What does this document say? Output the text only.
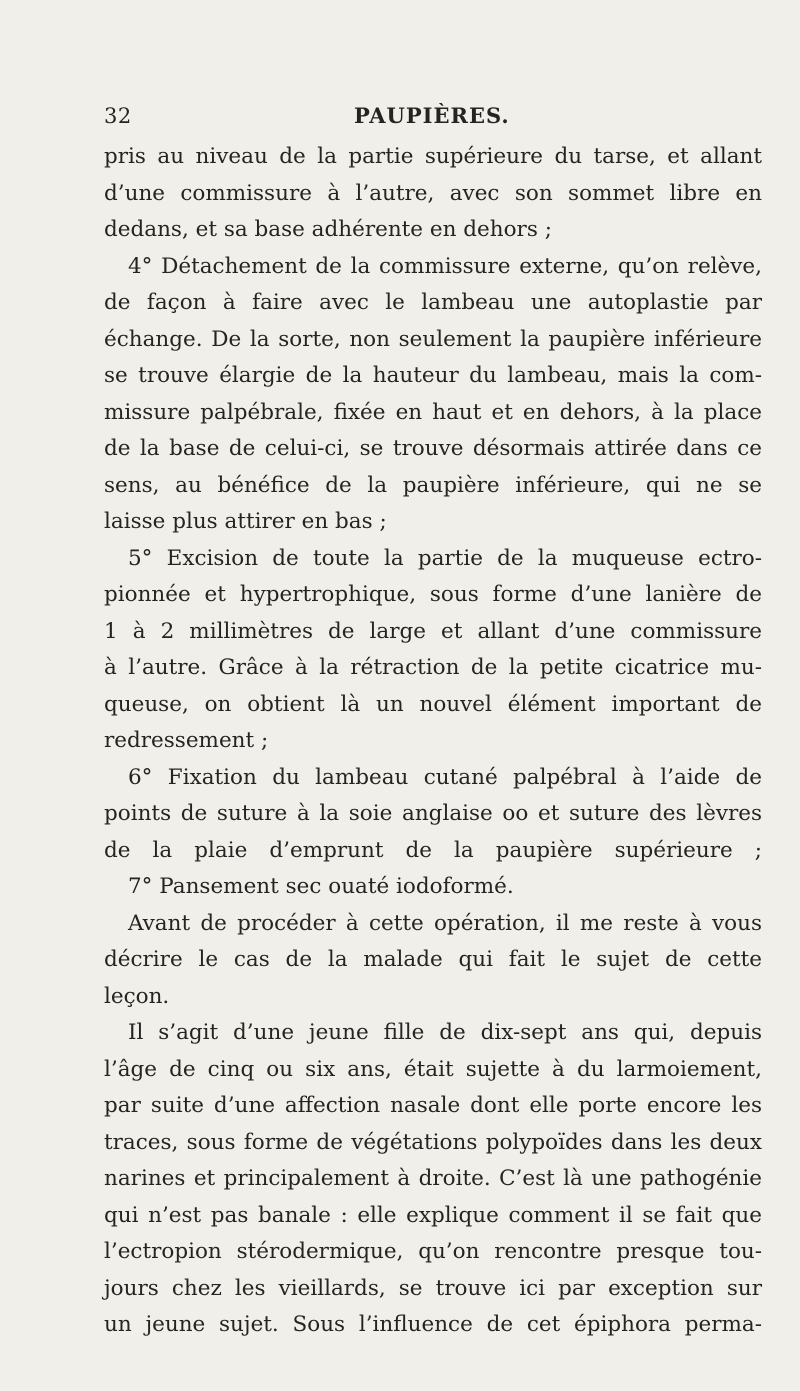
32	PAUPIÈRES.
pris au niveau de la partie supérieure du tarse, et allant
d’une commissure à l’autre, avec son sommet libre en
dedans, et sa base adhérente en dehors ;
4° Détachement de la commissure externe, qu’on relève,
de façon à faire avec le lambeau une autoplastie par
échange. De la sorte, non seulement la paupière inférieure
se trouve élargie de la hauteur du lambeau, mais la com-
missure palpébrale, fixée en haut et en dehors, à la place
de la base de celui-ci, se trouve désormais attirée dans ce
sens, au bénéfice de la paupière inférieure, qui ne se
laisse plus attirer en bas ;
5° Excision de toute la partie de la muqueuse ectro-
pionnée et hypertrophique, sous forme d’une lanière de
1 à 2 millimètres de large et allant d’une commissure
à l’autre. Grâce à la rétraction de la petite cicatrice mu-
queuse, on obtient là un nouvel élément important de
redressement ;
6° Fixation du lambeau cutané palpébral à l’aide de
points de suture à la soie anglaise oo et suture des lèvres
de la plaie d’emprunt de la paupière supérieure ;
7° Pansement sec ouaté iodoformé.
Avant de procéder à cette opération, il me reste à vous
décrire le cas de la malade qui fait le sujet de cette
leçon.
Il s’agit d’une jeune fille de dix-sept ans qui, depuis
l’âge de cinq ou six ans, était sujette à du larmoiement,
par suite d’une affection nasale dont elle porte encore les
traces, sous forme de végétations polypoïdes dans les deux
narines et principalement à droite. C’est là une pathogénie
qui n’est pas banale : elle explique comment il se fait que
l’ectropion stérodermique, qu’on rencontre presque tou-
jours chez les vieillards, se trouve ici par exception sur
un jeune sujet. Sous l’influence de cet épiphora perma-
